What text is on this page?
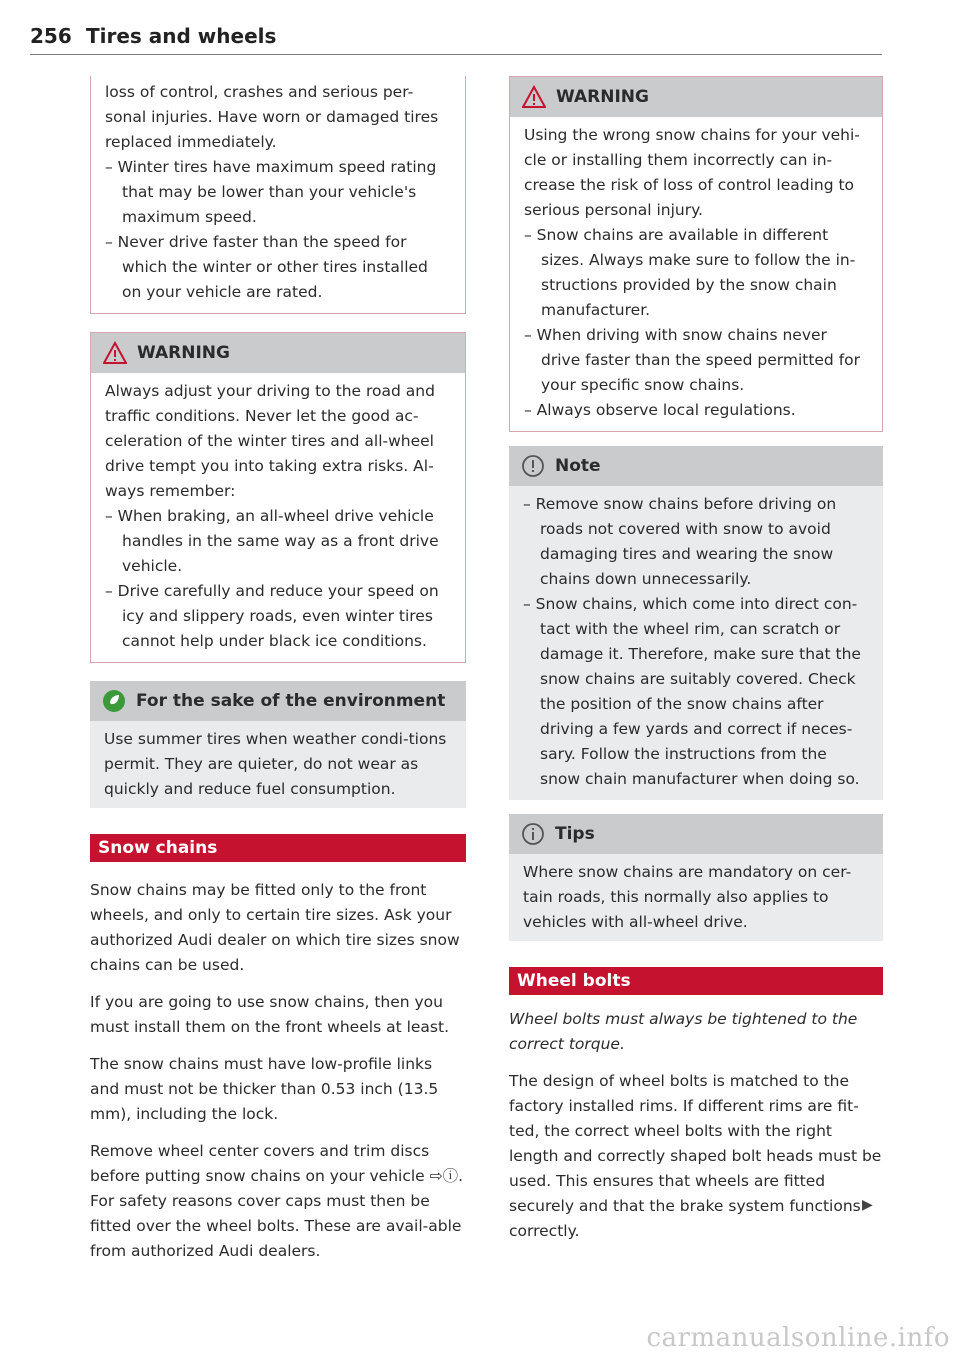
256 Tires and wheels

loss of control, crashes and serious per-sonal injuries. Have worn or damaged tires replaced immediately.

– Winter tires have maximum speed rating that may be lower than your vehicle's maximum speed.
– Never drive faster than the speed for which the winter or other tires installed on your vehicle are rated.
WARNING

Always adjust your driving to the road and traffic conditions. Never let the good ac-celeration of the winter tires and all-wheel drive tempt you into taking extra risks. Al-ways remember:

– When braking, an all-wheel drive vehicle handles in the same way as a front drive vehicle.
– Drive carefully and reduce your speed on icy and slippery roads, even winter tires cannot help under black ice conditions.
For the sake of the environment

Use summer tires when weather condi-tions permit. They are quieter, do not wear as quickly and reduce fuel consumption.

Snow chains

Snow chains may be fitted only to the front wheels, and only to certain tire sizes. Ask your authorized Audi dealer on which tire sizes snow chains can be used.

If you are going to use snow chains, then you must install them on the front wheels at least.

The snow chains must have low-profile links and must not be thicker than 0.53 inch (13.5 mm), including the lock.

Remove wheel center covers and trim discs before putting snow chains on your vehicle ⇨ⓘ. For safety reasons cover caps must then be fitted over the wheel bolts. These are avail-able from authorized Audi dealers.

WARNING

Using the wrong snow chains for your vehi-cle or installing them incorrectly can in-crease the risk of loss of control leading to serious personal injury.

– Snow chains are available in different sizes. Always make sure to follow the in-structions provided by the snow chain manufacturer.
– When driving with snow chains never drive faster than the speed permitted for your specific snow chains.
– Always observe local regulations.
Note
– Remove snow chains before driving on roads not covered with snow to avoid damaging tires and wearing the snow chains down unnecessarily.
– Snow chains, which come into direct con-tact with the wheel rim, can scratch or damage it. Therefore, make sure that the snow chains are suitably covered. Check the position of the snow chains after driving a few yards and correct if neces-sary. Follow the instructions from the snow chain manufacturer when doing so.
Tips

Where snow chains are mandatory on cer-tain roads, this normally also applies to vehicles with all-wheel drive.

Wheel bolts

Wheel bolts must always be tightened to the correct torque.

The design of wheel bolts is matched to the factory installed rims. If different rims are fit-ted, the correct wheel bolts with the right length and correctly shaped bolt heads must be used. This ensures that wheels are fitted securely and that the brake system functions correctly.

▶
carmanualsonline.info
